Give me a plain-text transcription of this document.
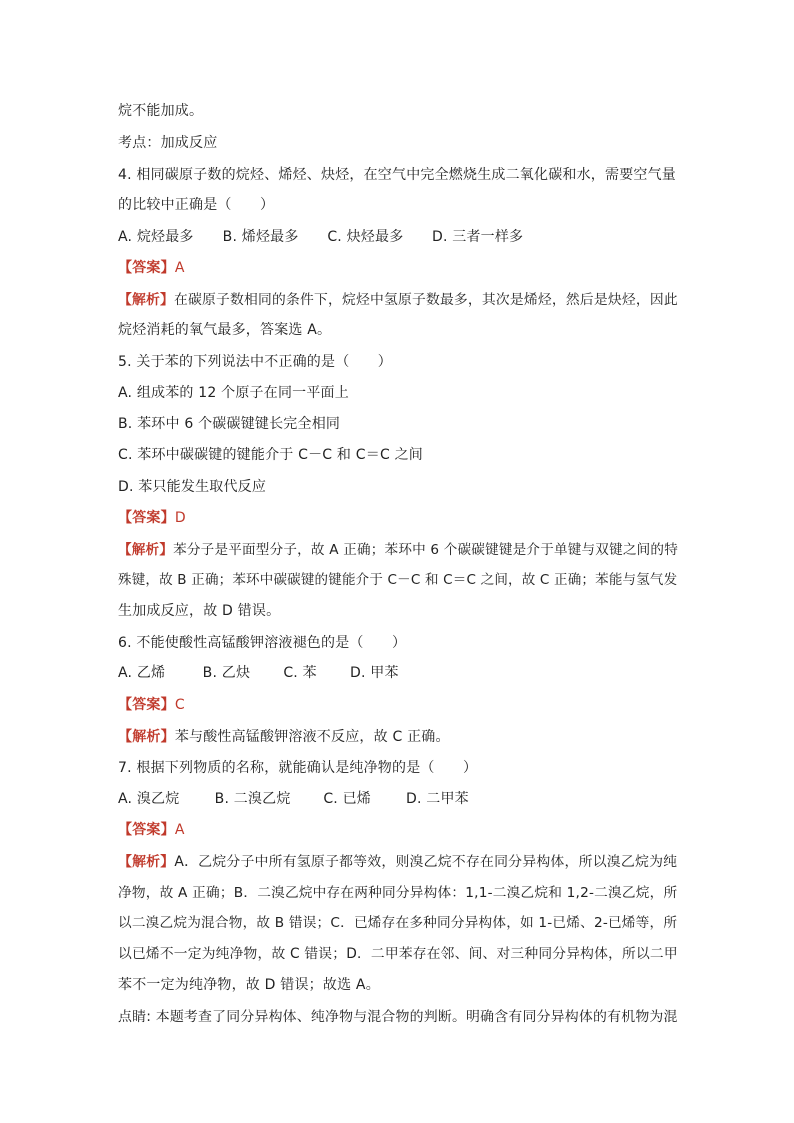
烷不能加成。
考点：加成反应
4. 相同碳原子数的烷烃、烯烃、炔烃，在空气中完全燃烧生成二氧化碳和水，需要空气量
的比较中正确是（　　）
A. 烷烃最多 B. 烯烃最多 C. 炔烃最多 D. 三者一样多
【答案】A
【解析】在碳原子数相同的条件下，烷烃中氢原子数最多，其次是烯烃，然后是炔烃，因此
烷烃消耗的氧气最多，答案选 A。
5. 关于苯的下列说法中不正确的是（　　）
A. 组成苯的 12 个原子在同一平面上
B. 苯环中 6 个碳碳键键长完全相同
C. 苯环中碳碳键的键能介于 C－C 和 C＝C 之间
D. 苯只能发生取代反应
【答案】D
【解析】苯分子是平面型分子，故 A 正确；苯环中 6 个碳碳键键是介于单键与双键之间的特
殊键，故 B 正确；苯环中碳碳键的键能介于 C－C 和 C＝C 之间，故 C 正确；苯能与氢气发
生加成反应，故 D 错误。
6. 不能使酸性高锰酸钾溶液褪色的是（　　）
A. 乙烯	B. 乙炔 C. 苯 D. 甲苯
【答案】C
【解析】苯与酸性高锰酸钾溶液不反应，故 C 正确。
7. 根据下列物质的名称，就能确认是纯净物的是（　　）
A. 溴乙烷	B. 二溴乙烷 C. 已烯 D. 二甲苯
【答案】A
【解析】A．乙烷分子中所有氢原子都等效，则溴乙烷不存在同分异构体，所以溴乙烷为纯
净物，故 A 正确；B．二溴乙烷中存在两种同分异构体：1,1-二溴乙烷和 1,2-二溴乙烷，所
以二溴乙烷为混合物，故 B 错误；C．已烯存在多种同分异构体，如 1-已烯、2-已烯等，所
以已烯不一定为纯净物，故 C 错误；D．二甲苯存在邻、间、对三种同分异构体，所以二甲
苯不一定为纯净物，故 D 错误；故选 A。
点睛: 本题考查了同分异构体、纯净物与混合物的判断。明确含有同分异构体的有机物为混
